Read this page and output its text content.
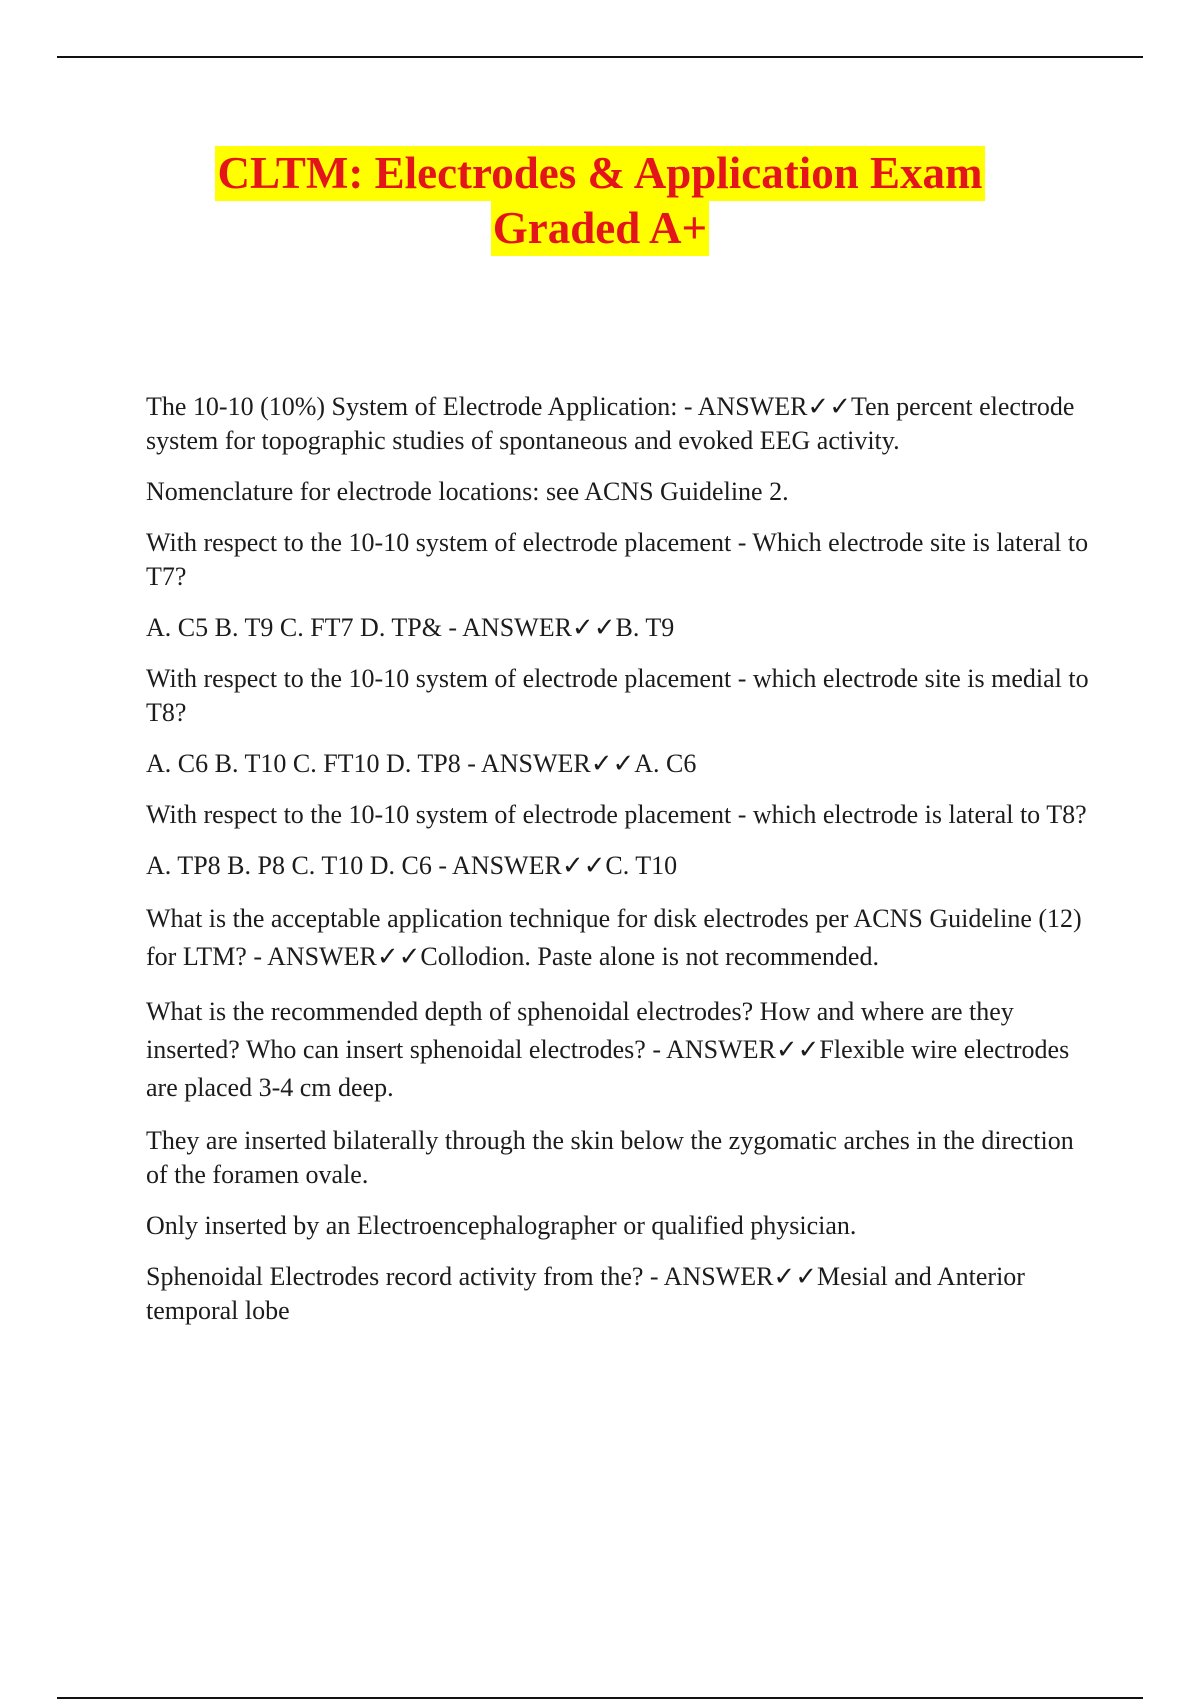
CLTM: Electrodes & Application Exam
Graded A+

The 10-10 (10%) System of Electrode Application: - ANSWER✓✓Ten percent electrode system for topographic studies of spontaneous and evoked EEG activity.

Nomenclature for electrode locations: see ACNS Guideline 2.

With respect to the 10-10 system of electrode placement - Which electrode site is lateral to T7?

A. C5 B. T9 C. FT7 D. TP& - ANSWER✓✓B. T9

With respect to the 10-10 system of electrode placement - which electrode site is medial to T8?

A. C6 B. T10 C. FT10 D. TP8 - ANSWER✓✓A. C6

With respect to the 10-10 system of electrode placement - which electrode is lateral to T8?

A. TP8 B. P8 C. T10 D. C6 - ANSWER✓✓C. T10

What is the acceptable application technique for disk electrodes per ACNS Guideline (12) for LTM? - ANSWER✓✓Collodion. Paste alone is not recommended.

What is the recommended depth of sphenoidal electrodes? How and where are they inserted? Who can insert sphenoidal electrodes? - ANSWER✓✓Flexible wire electrodes are placed 3-4 cm deep.

They are inserted bilaterally through the skin below the zygomatic arches in the direction of the foramen ovale.

Only inserted by an Electroencephalographer or qualified physician.

Sphenoidal Electrodes record activity from the? - ANSWER✓✓Mesial and Anterior temporal lobe
